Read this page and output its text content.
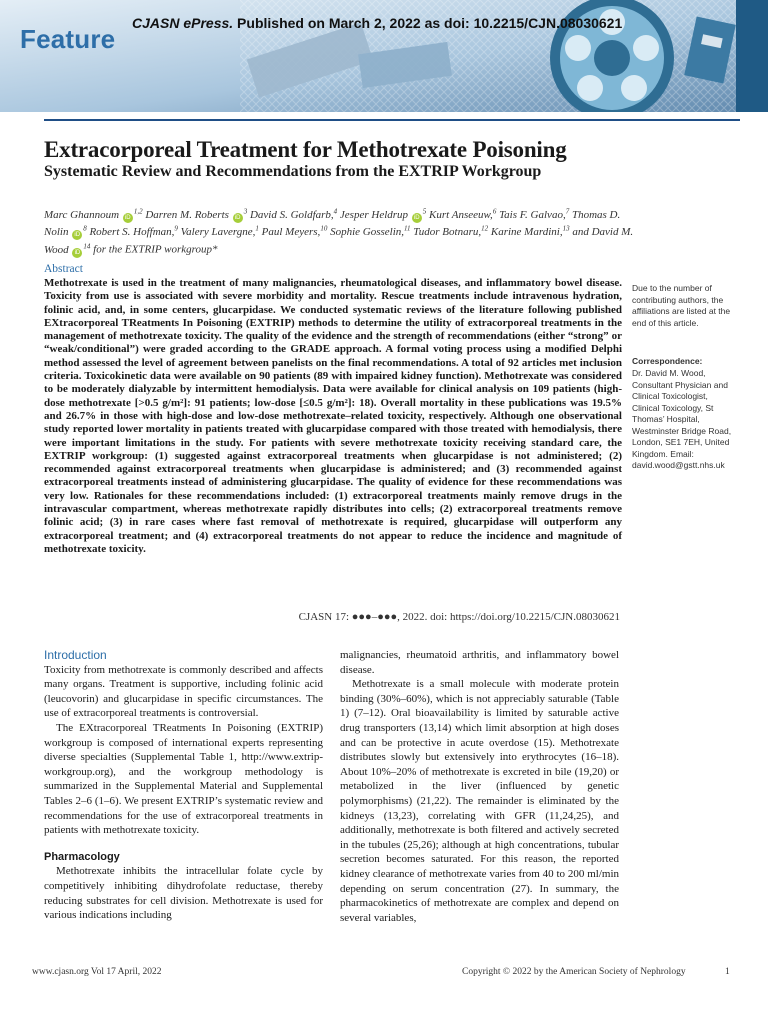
Feature
CJASN ePress. Published on March 2, 2022 as doi: 10.2215/CJN.08030621
Extracorporeal Treatment for Methotrexate Poisoning
Systematic Review and Recommendations from the EXTRIP Workgroup
Marc Ghannoum iD$^{1,2}$ Darren M. Roberts $iD^3$ David S. Goldfarb,$^4$ Jesper Heldrup $iD^5$ Kurt Anseeuw,$^6$ Tais F. Galvao,$^7$ Thomas D. Nolin $iD^8$ Robert S. Hoffman,$^9$ Valery Lavergne,$^1$ Paul Meyers,$^{10}$ Sophie Gosselin,$^{11}$ Tudor Botnaru,$^{12}$ Karine Mardini,$^{13}$ and David M. Wood $iD^{14}$ for the EXTRIP workgroup*
Abstract
Methotrexate is used in the treatment of many malignancies, rheumatological diseases, and inflammatory bowel disease. Toxicity from use is associated with severe morbidity and mortality. Rescue treatments include intravenous hydration, folinic acid, and, in some centers, glucarpidase. We conducted systematic reviews of the literature following published EXtracorporeal TReatments In Poisoning (EXTRIP) methods to determine the utility of extracorporeal treatments in the management of methotrexate toxicity. The quality of the evidence and the strength of recommendations (either “strong” or “weak/conditional”) were graded according to the GRADE approach. A formal voting process using a modified Delphi method assessed the level of agreement between panelists on the final recommendations. A total of 92 articles met inclusion criteria. Toxicokinetic data were available on 90 patients (89 with impaired kidney function). Methotrexate was considered to be moderately dialyzable by intermittent hemodialysis. Data were available for clinical analysis on 109 patients (high-dose methotrexate [>0.5 g/m²]: 91 patients; low-dose [≤0.5 g/m²]: 18). Overall mortality in these publications was 19.5% and 26.7% in those with high-dose and low-dose methotrexate–related toxicity, respectively. Although one observational study reported lower mortality in patients treated with glucarpidase compared with those treated with hemodialysis, there were important limitations in the study. For patients with severe methotrexate toxicity receiving standard care, the EXTRIP workgroup: (1) suggested against extracorporeal treatments when glucarpidase is not administered; (2) recommended against extracorporeal treatments when glucarpidase is administered; and (3) recommended against extracorporeal treatments instead of administering glucarpidase. The quality of evidence for these recommendations was very low. Rationales for these recommendations included: (1) extracorporeal treatments mainly remove drugs in the intravascular compartment, whereas methotrexate rapidly distributes into cells; (2) extracorporeal treatments remove folinic acid; (3) in rare cases where fast removal of methotrexate is required, glucarpidase will outperform any extracorporeal treatment; and (4) extracorporeal treatments do not appear to reduce the incidence and magnitude of methotrexate toxicity.
CJASN 17: ●●●–●●●, 2022. doi: https://doi.org/10.2215/CJN.08030621
Due to the number of contributing authors, the affiliations are listed at the end of this article.
Correspondence:
Dr. David M. Wood, Consultant Physician and Clinical Toxicologist, Clinical Toxicology, St Thomas’ Hospital, Westminster Bridge Road, London, SE1 7EH, United Kingdom. Email: david.wood@gstt.nhs.uk

Introduction

Toxicity from methotrexate is commonly described and affects many organs. Treatment is supportive, including folinic acid (leucovorin) and glucarpidase in specific circumstances. The use of extracorporeal treatments is controversial.

The EXtracorporeal TReatments In Poisoning (EXTRIP) workgroup is composed of international experts representing diverse specialties (Supplemental Table 1, http://www.extrip-workgroup.org), and the workgroup methodology is summarized in the Supplemental Material and Supplemental Tables 2–6 (1–6). We present EXTRIP’s systematic review and recommendations for the use of extracorporeal treatments in patients with methotrexate toxicity.

Pharmacology

Methotrexate inhibits the intracellular folate cycle by competitively inhibiting dihydrofolate reductase, thereby reducing substrates for cell division. Methotrexate is used for various indications including

malignancies, rheumatoid arthritis, and inflammatory bowel disease.

Methotrexate is a small molecule with moderate protein binding (30%–60%), which is not appreciably saturable (Table 1) (7–12). Oral bioavailability is limited by saturable active drug transporters (13,14) which limit absorption at high doses and can be protective in acute overdose (15). Methotrexate distributes slowly but extensively into erythrocytes (16–18). About 10%–20% of methotrexate is excreted in bile (19,20) or metabolized in the liver (influenced by genetic polymorphisms) (21,22). The remainder is eliminated by the kidneys (13,23), correlating with GFR (11,24,25), and additionally, methotrexate is both filtered and actively secreted in the tubules (25,26); although at high concentrations, tubular secretion becomes saturated. For this reason, the reported kidney clearance of methotrexate varies from 40 to 200 ml/min depending on serum concentration (27). In summary, the pharmacokinetics of methotrexate are complex and depend on several variables,

www.cjasn.org Vol 17 April, 2022	Copyright © 2022 by the American Society of Nephrology	1
